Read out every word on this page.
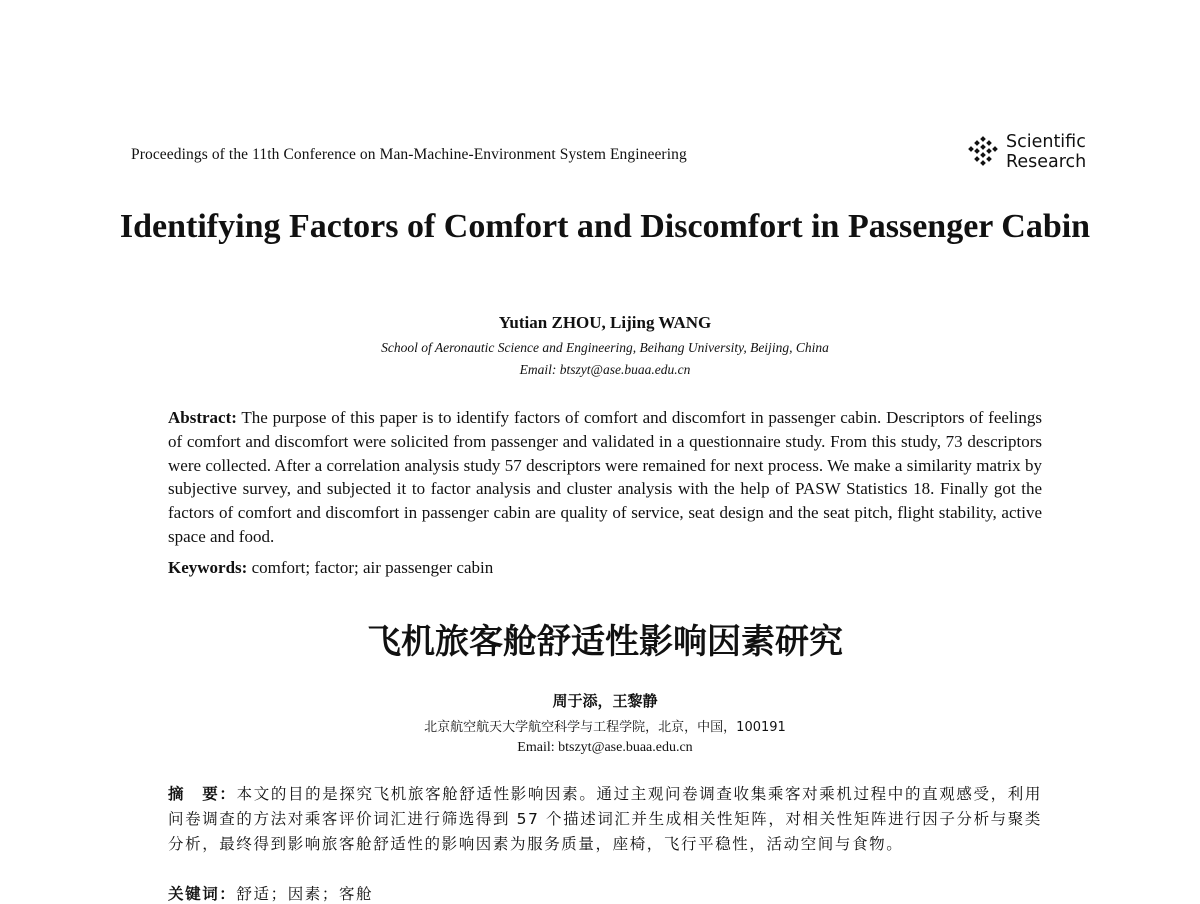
Proceedings of the 11th Conference on Man-Machine-Environment System Engineering
Scientific
Research
Identifying Factors of Comfort and Discomfort in Passenger Cabin
Yutian ZHOU, Lijing WANG
School of Aeronautic Science and Engineering, Beihang University, Beijing, China
Email: btszyt@ase.buaa.edu.cn
Abstract: The purpose of this paper is to identify factors of comfort and discomfort in passenger cabin. Descriptors of feelings of comfort and discomfort were solicited from passenger and validated in a questionnaire study. From this study, 73 descriptors were collected. After a correlation analysis study 57 descriptors were remained for next process. We make a similarity matrix by subjective survey, and subjected it to factor analysis and cluster analysis with the help of PASW Statistics 18. Finally got the factors of comfort and discomfort in passenger cabin are quality of service, seat design and the seat pitch, flight stability, active space and food.
Keywords: comfort; factor; air passenger cabin
飞机旅客舱舒适性影响因素研究
周于添，王黎静
北京航空航天大学航空科学与工程学院，北京，中国，100191
Email: btszyt@ase.buaa.edu.cn
摘　要：本文的目的是探究飞机旅客舱舒适性影响因素。通过主观问卷调查收集乘客对乘机过程中的直观感受，利用问卷调查的方法对乘客评价词汇进行筛选得到 57 个描述词汇并生成相关性矩阵，对相关性矩阵进行因子分析与聚类分析，最终得到影响旅客舱舒适性的影响因素为服务质量，座椅，飞行平稳性，活动空间与食物。
关键词：舒适；因素；客舱
